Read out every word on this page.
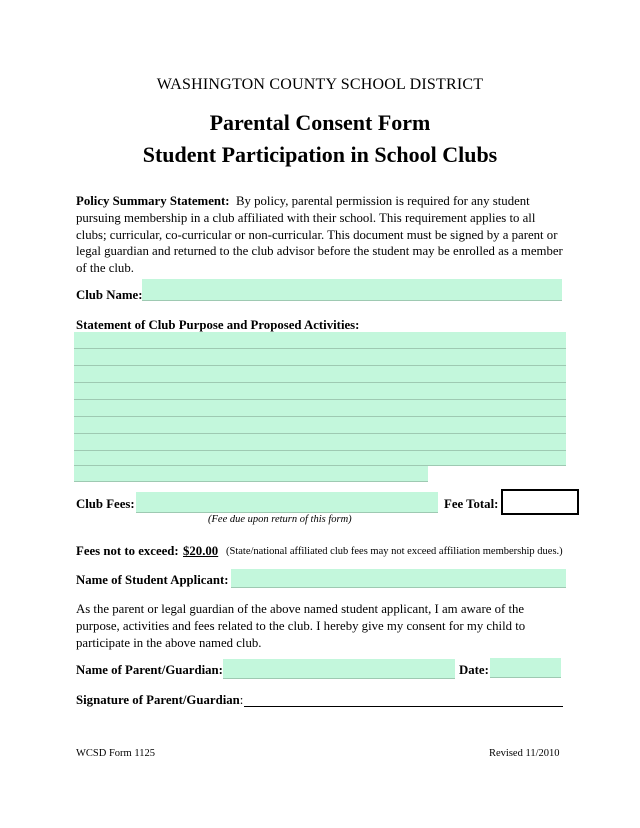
WASHINGTON COUNTY SCHOOL DISTRICT
Parental Consent Form
Student Participation in School Clubs
Policy Summary Statement: By policy, parental permission is required for any student pursuing membership in a club affiliated with their school. This requirement applies to all clubs; curricular, co-curricular or non-curricular. This document must be signed by a parent or legal guardian and returned to the club advisor before the student may be enrolled as a member of the club.
Club Name:
Statement of Club Purpose and Proposed Activities:
Club Fees:	Fee Total:
(Fee due upon return of this form)
Fees not to exceed: $20.00 (State/national affiliated club fees may not exceed affiliation membership dues.)
Name of Student Applicant:
As the parent or legal guardian of the above named student applicant, I am aware of the purpose, activities and fees related to the club. I hereby give my consent for my child to participate in the above named club.
Name of Parent/Guardian:	Date:
Signature of Parent/Guardian:
WCSD Form 1125	Revised 11/2010
